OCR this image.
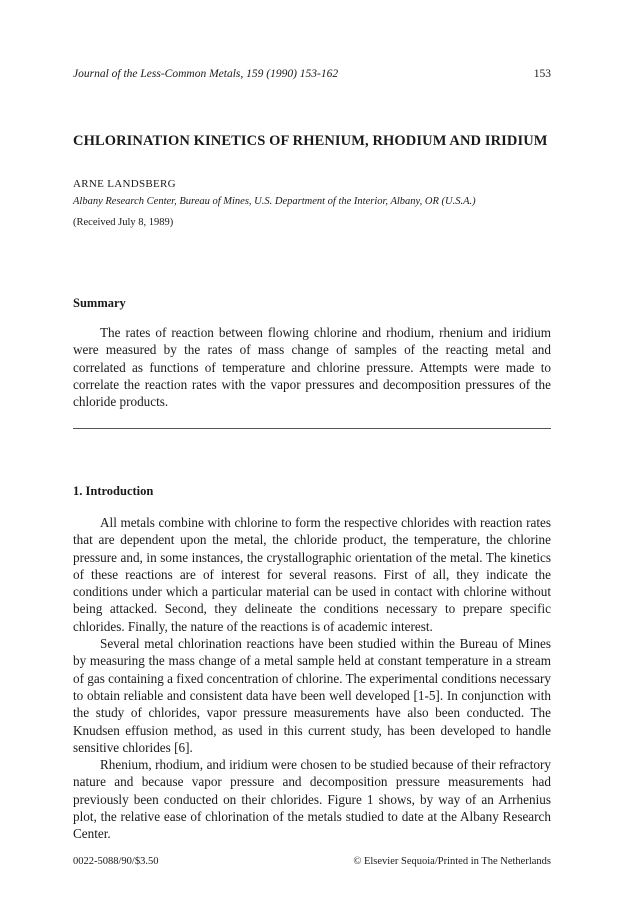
Journal of the Less-Common Metals, 159 (1990) 153-162	153
CHLORINATION KINETICS OF RHENIUM, RHODIUM AND IRIDIUM
ARNE LANDSBERG
Albany Research Center, Bureau of Mines, U.S. Department of the Interior, Albany, OR (U.S.A.)
(Received July 8, 1989)
Summary

The rates of reaction between flowing chlorine and rhodium, rhenium and iridium were measured by the rates of mass change of samples of the reacting metal and correlated as functions of temperature and chlorine pressure. Attempts were made to correlate the reaction rates with the vapor pressures and decomposition pressures of the chloride products.

1. Introduction

All metals combine with chlorine to form the respective chlorides with reaction rates that are dependent upon the metal, the chloride product, the temperature, the chlorine pressure and, in some instances, the crystallographic orientation of the metal. The kinetics of these reactions are of interest for several reasons. First of all, they indicate the conditions under which a particular material can be used in contact with chlorine without being attacked. Second, they delineate the conditions necessary to prepare specific chlorides. Finally, the nature of the reactions is of academic interest.

Several metal chlorination reactions have been studied within the Bureau of Mines by measuring the mass change of a metal sample held at constant temperature in a stream of gas containing a fixed concentration of chlorine. The experimental conditions necessary to obtain reliable and consistent data have been well developed [1-5]. In conjunction with the study of chlorides, vapor pressure measurements have also been conducted. The Knudsen effusion method, as used in this current study, has been developed to handle sensitive chlorides [6].

Rhenium, rhodium, and iridium were chosen to be studied because of their refractory nature and because vapor pressure and decomposition pressure measurements had previously been conducted on their chlorides. Figure 1 shows, by way of an Arrhenius plot, the relative ease of chlorination of the metals studied to date at the Albany Research Center.

0022-5088/90/$3.50	© Elsevier Sequoia/Printed in The Netherlands
